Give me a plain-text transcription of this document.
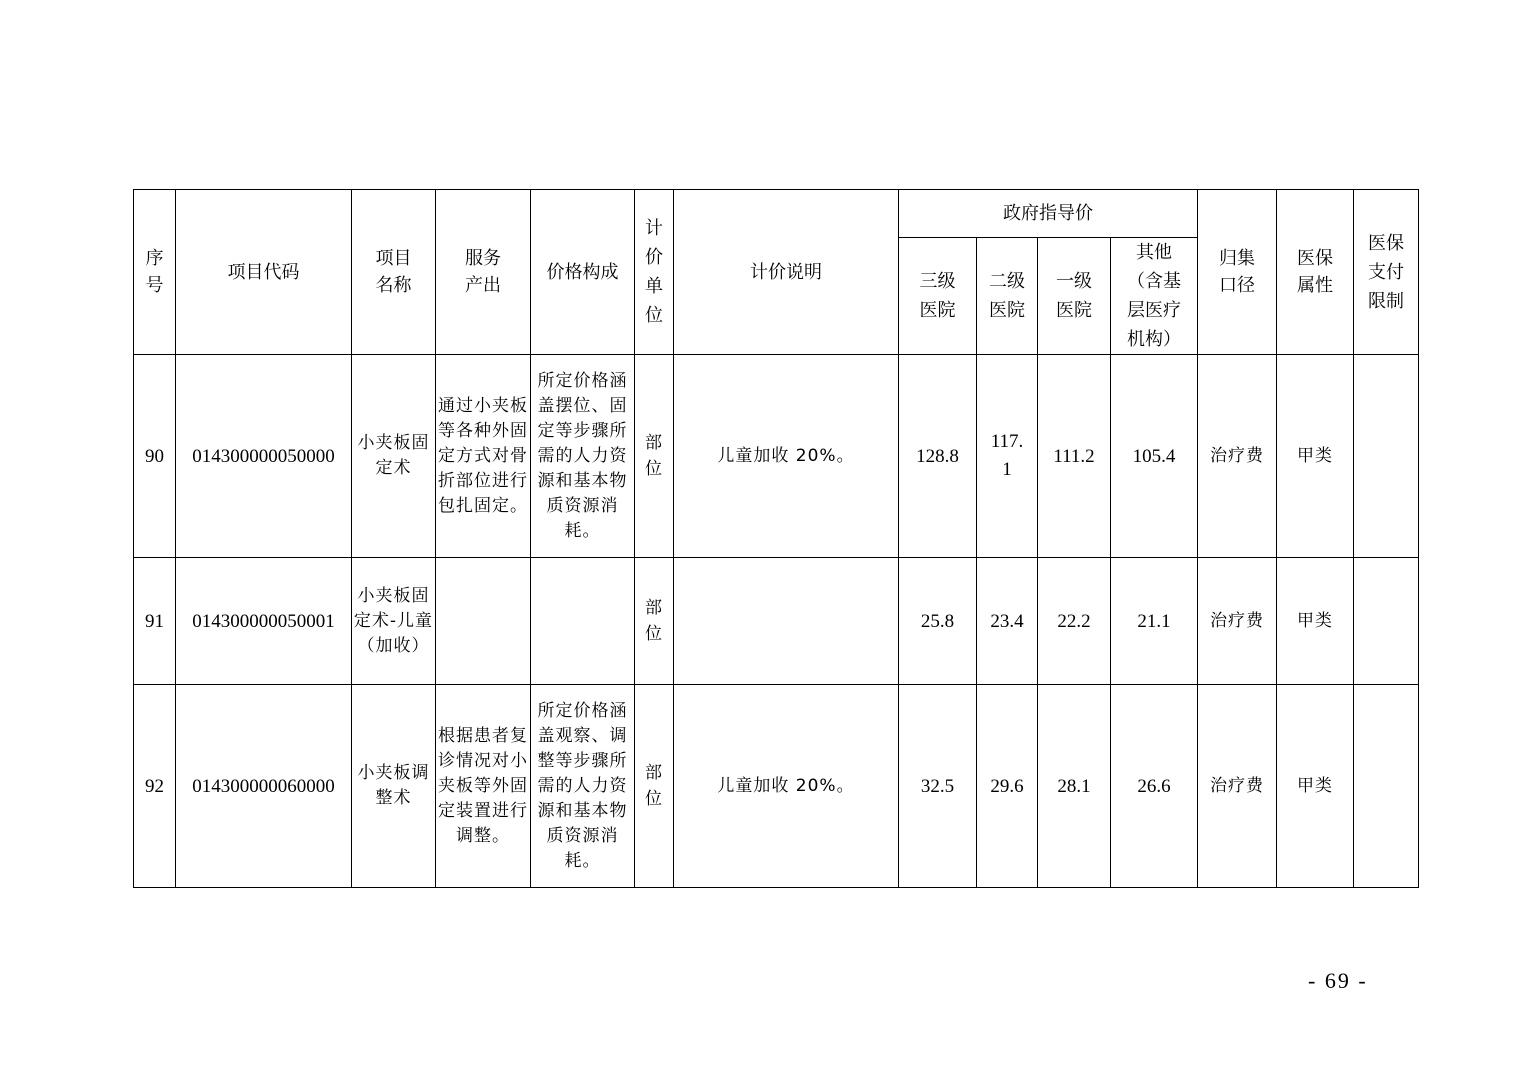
序号	项目代码	项目名称	服务产出	价格构成	计价单位	计价说明	政府指导价				归集口径	医保属性	医保支付限制
							三级医院	二级医院	一级医院	其他（含基层医疗机构）			
90	014300000050000	小夹板固定术	通过小夹板等各种外固定方式对骨折部位进行包扎固定。	所定价格涵盖摆位、固定等步骤所需的人力资源和基本物质资源消耗。	部位	儿童加收 20%。	128.8	117.1	111.2	105.4	治疗费	甲类	
91	014300000050001	小夹板固定术-儿童（加收）			部位		25.8	23.4	22.2	21.1	治疗费	甲类	
92	014300000060000	小夹板调整术	根据患者复诊情况对小夹板等外固定装置进行调整。	所定价格涵盖观察、调整等步骤所需的人力资源和基本物质资源消耗。	部位	儿童加收 20%。	32.5	29.6	28.1	26.6	治疗费	甲类	
- 69 -
